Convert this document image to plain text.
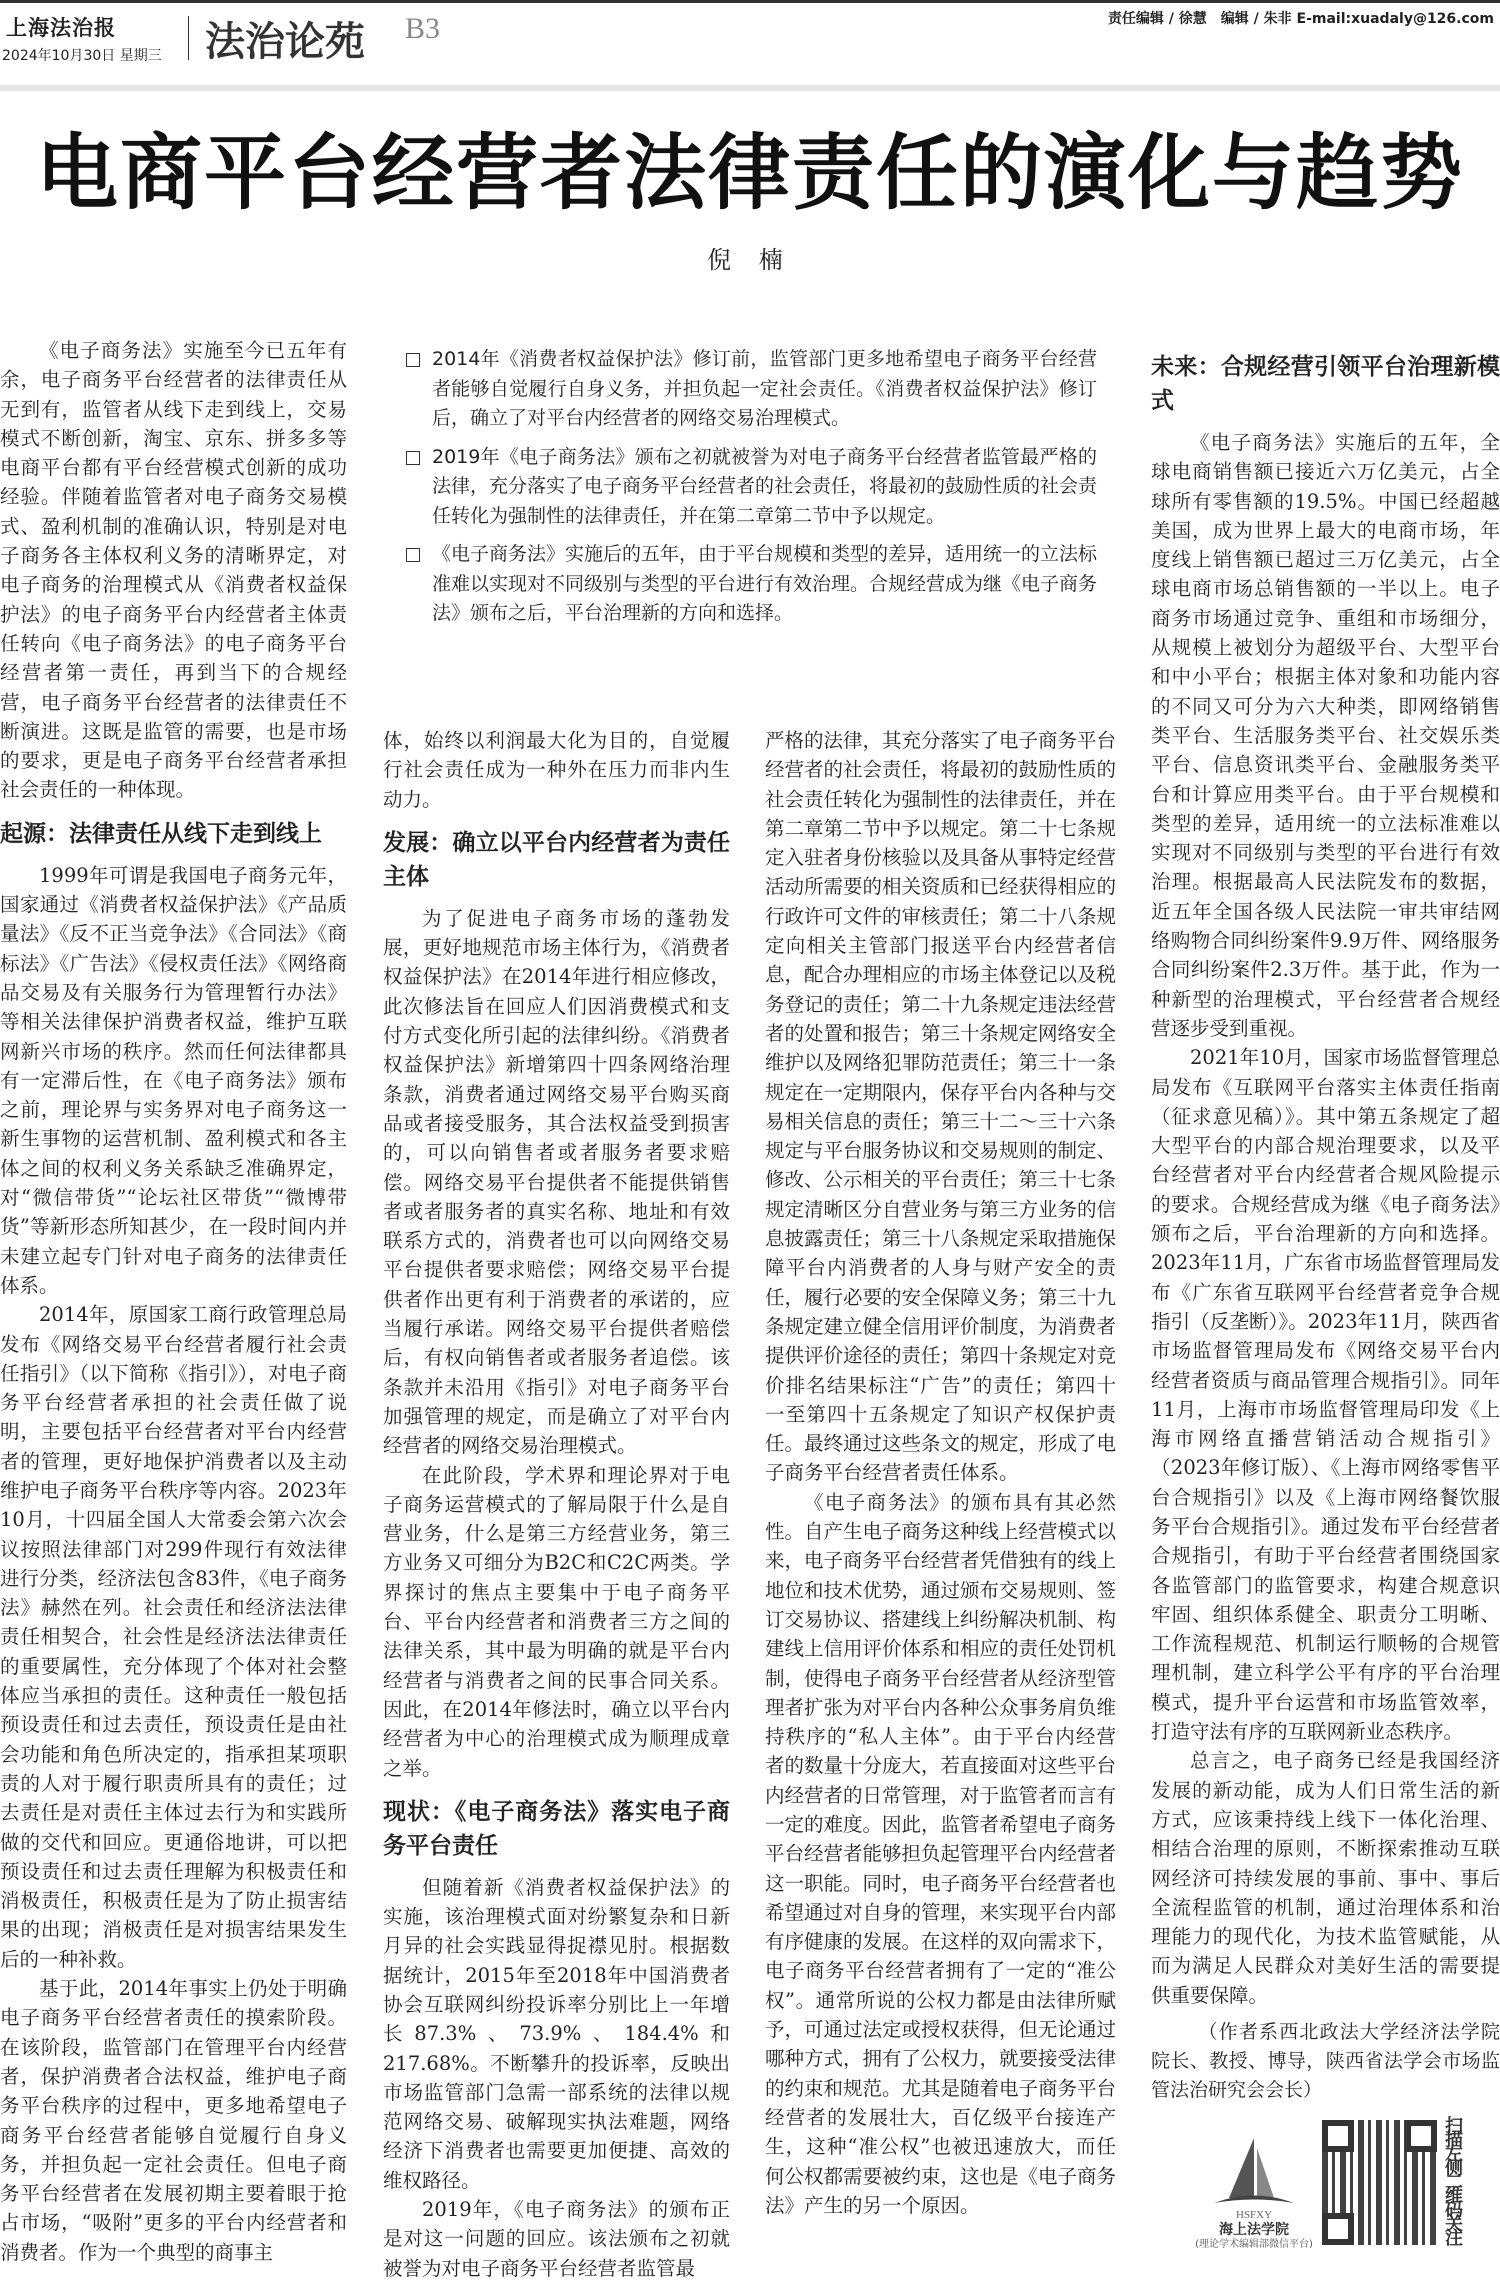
上海法治报
2024年10月30日 星期三 法治论苑 B3	责任编辑 / 徐慧　编辑 / 朱非 E-mail:xuadaly@126.com
电商平台经营者法律责任的演化与趋势
倪 楠

《电子商务法》实施至今已五年有余，电子商务平台经营者的法律责任从无到有，监管者从线下走到线上，交易模式不断创新，淘宝、京东、拼多多等电商平台都有平台经营模式创新的成功经验。伴随着监管者对电子商务交易模式、盈利机制的准确认识，特别是对电子商务各主体权利义务的清晰界定，对电子商务的治理模式从《消费者权益保护法》的电子商务平台内经营者主体责任转向《电子商务法》的电子商务平台经营者第一责任，再到当下的合规经营，电子商务平台经营者的法律责任不断演进。这既是监管的需要，也是市场的要求，更是电子商务平台经营者承担社会责任的一种体现。

起源：法律责任从线下走到线上

1999年可谓是我国电子商务元年，国家通过《消费者权益保护法》《产品质量法》《反不正当竞争法》《合同法》《商标法》《广告法》《侵权责任法》《网络商品交易及有关服务行为管理暂行办法》等相关法律保护消费者权益，维护互联网新兴市场的秩序。然而任何法律都具有一定滞后性，在《电子商务法》颁布之前，理论界与实务界对电子商务这一新生事物的运营机制、盈利模式和各主体之间的权利义务关系缺乏准确界定，对“微信带货”“论坛社区带货”“微博带货”等新形态所知甚少，在一段时间内并未建立起专门针对电子商务的法律责任体系。

2014年，原国家工商行政管理总局发布《网络交易平台经营者履行社会责任指引》（以下简称《指引》），对电子商务平台经营者承担的社会责任做了说明，主要包括平台经营者对平台内经营者的管理，更好地保护消费者以及主动维护电子商务平台秩序等内容。2023年10月，十四届全国人大常委会第六次会议按照法律部门对299件现行有效法律进行分类，经济法包含83件，《电子商务法》赫然在列。社会责任和经济法法律责任相契合，社会性是经济法法律责任的重要属性，充分体现了个体对社会整体应当承担的责任。这种责任一般包括预设责任和过去责任，预设责任是由社会功能和角色所决定的，指承担某项职责的人对于履行职责所具有的责任；过去责任是对责任主体过去行为和实践所做的交代和回应。更通俗地讲，可以把预设责任和过去责任理解为积极责任和消极责任，积极责任是为了防止损害结果的出现；消极责任是对损害结果发生后的一种补救。

基于此，2014年事实上仍处于明确电子商务平台经营者责任的摸索阶段。在该阶段，监管部门在管理平台内经营者，保护消费者合法权益，维护电子商务平台秩序的过程中，更多地希望电子商务平台经营者能够自觉履行自身义务，并担负起一定社会责任。但电子商务平台经营者在发展初期主要着眼于抢占市场，“吸附”更多的平台内经营者和消费者。作为一个典型的商事主

2014年《消费者权益保护法》修订前，监管部门更多地希望电子商务平台经营者能够自觉履行自身义务，并担负起一定社会责任。《消费者权益保护法》修订后，确立了对平台内经营者的网络交易治理模式。
2019年《电子商务法》颁布之初就被誉为对电子商务平台经营者监管最严格的法律，充分落实了电子商务平台经营者的社会责任，将最初的鼓励性质的社会责任转化为强制性的法律责任，并在第二章第二节中予以规定。
《电子商务法》实施后的五年，由于平台规模和类型的差异，适用统一的立法标准难以实现对不同级别与类型的平台进行有效治理。合规经营成为继《电子商务法》颁布之后，平台治理新的方向和选择。

体，始终以利润最大化为目的，自觉履行社会责任成为一种外在压力而非内生动力。

发展：确立以平台内经营者为责任主体

为了促进电子商务市场的蓬勃发展，更好地规范市场主体行为，《消费者权益保护法》在2014年进行相应修改，此次修法旨在回应人们因消费模式和支付方式变化所引起的法律纠纷。《消费者权益保护法》新增第四十四条网络治理条款，消费者通过网络交易平台购买商品或者接受服务，其合法权益受到损害的，可以向销售者或者服务者要求赔偿。网络交易平台提供者不能提供销售者或者服务者的真实名称、地址和有效联系方式的，消费者也可以向网络交易平台提供者要求赔偿；网络交易平台提供者作出更有利于消费者的承诺的，应当履行承诺。网络交易平台提供者赔偿后，有权向销售者或者服务者追偿。该条款并未沿用《指引》对电子商务平台加强管理的规定，而是确立了对平台内经营者的网络交易治理模式。

在此阶段，学术界和理论界对于电子商务运营模式的了解局限于什么是自营业务，什么是第三方经营业务，第三方业务又可细分为B2C和C2C两类。学界探讨的焦点主要集中于电子商务平台、平台内经营者和消费者三方之间的法律关系，其中最为明确的就是平台内经营者与消费者之间的民事合同关系。因此，在2014年修法时，确立以平台内经营者为中心的治理模式成为顺理成章之举。

现状：《电子商务法》落实电子商务平台责任

但随着新《消费者权益保护法》的实施，该治理模式面对纷繁复杂和日新月异的社会实践显得捉襟见肘。根据数据统计，2015年至2018年中国消费者协会互联网纠纷投诉率分别比上一年增长87.3%、73.9%、184.4%和217.68%。不断攀升的投诉率，反映出市场监管部门急需一部系统的法律以规范网络交易、破解现实执法难题，网络经济下消费者也需要更加便捷、高效的维权路径。

2019年，《电子商务法》的颁布正是对这一问题的回应。该法颁布之初就被誉为对电子商务平台经营者监管最

严格的法律，其充分落实了电子商务平台经营者的社会责任，将最初的鼓励性质的社会责任转化为强制性的法律责任，并在第二章第二节中予以规定。第二十七条规定入驻者身份核验以及具备从事特定经营活动所需要的相关资质和已经获得相应的行政许可文件的审核责任；第二十八条规定向相关主管部门报送平台内经营者信息，配合办理相应的市场主体登记以及税务登记的责任；第二十九条规定违法经营者的处置和报告；第三十条规定网络安全维护以及网络犯罪防范责任；第三十一条规定在一定期限内，保存平台内各种与交易相关信息的责任；第三十二～三十六条规定与平台服务协议和交易规则的制定、修改、公示相关的平台责任；第三十七条规定清晰区分自营业务与第三方业务的信息披露责任；第三十八条规定采取措施保障平台内消费者的人身与财产安全的责任，履行必要的安全保障义务；第三十九条规定建立健全信用评价制度，为消费者提供评价途径的责任；第四十条规定对竞价排名结果标注“广告”的责任；第四十一至第四十五条规定了知识产权保护责任。最终通过这些条文的规定，形成了电子商务平台经营者责任体系。

《电子商务法》的颁布具有其必然性。自产生电子商务这种线上经营模式以来，电子商务平台经营者凭借独有的线上地位和技术优势，通过颁布交易规则、签订交易协议、搭建线上纠纷解决机制、构建线上信用评价体系和相应的责任处罚机制，使得电子商务平台经营者从经济型管理者扩张为对平台内各种公众事务肩负维持秩序的“私人主体”。由于平台内经营者的数量十分庞大，若直接面对这些平台内经营者的日常管理，对于监管者而言有一定的难度。因此，监管者希望电子商务平台经营者能够担负起管理平台内经营者这一职能。同时，电子商务平台经营者也希望通过对自身的管理，来实现平台内部有序健康的发展。在这样的双向需求下，电子商务平台经营者拥有了一定的“准公权”。通常所说的公权力都是由法律所赋予，可通过法定或授权获得，但无论通过哪种方式，拥有了公权力，就要接受法律的约束和规范。尤其是随着电子商务平台经营者的发展壮大，百亿级平台接连产生，这种“准公权”也被迅速放大，而任何公权都需要被约束，这也是《电子商务法》产生的另一个原因。

未来：合规经营引领平台治理新模式

《电子商务法》实施后的五年，全球电商销售额已接近六万亿美元，占全球所有零售额的19.5%。中国已经超越美国，成为世界上最大的电商市场，年度线上销售额已超过三万亿美元，占全球电商市场总销售额的一半以上。电子商务市场通过竞争、重组和市场细分，从规模上被划分为超级平台、大型平台和中小平台；根据主体对象和功能内容的不同又可分为六大种类，即网络销售类平台、生活服务类平台、社交娱乐类平台、信息资讯类平台、金融服务类平台和计算应用类平台。由于平台规模和类型的差异，适用统一的立法标准难以实现对不同级别与类型的平台进行有效治理。根据最高人民法院发布的数据，近五年全国各级人民法院一审共审结网络购物合同纠纷案件9.9万件、网络服务合同纠纷案件2.3万件。基于此，作为一种新型的治理模式，平台经营者合规经营逐步受到重视。

2021年10月，国家市场监督管理总局发布《互联网平台落实主体责任指南（征求意见稿）》。其中第五条规定了超大型平台的内部合规治理要求，以及平台经营者对平台内经营者合规风险提示的要求。合规经营成为继《电子商务法》颁布之后，平台治理新的方向和选择。2023年11月，广东省市场监督管理局发布《广东省互联网平台经营者竞争合规指引（反垄断）》。2023年11月，陕西省市场监督管理局发布《网络交易平台内经营者资质与商品管理合规指引》。同年11月，上海市市场监督管理局印发《上海市网络直播营销活动合规指引》（2023年修订版）、《上海市网络零售平台合规指引》以及《上海市网络餐饮服务平台合规指引》。通过发布平台经营者合规指引，有助于平台经营者围绕国家各监管部门的监管要求，构建合规意识牢固、组织体系健全、职责分工明晰、工作流程规范、机制运行顺畅的合规管理机制，建立科学公平有序的平台治理模式，提升平台运营和市场监管效率，打造守法有序的互联网新业态秩序。

总言之，电子商务已经是我国经济发展的新动能，成为人们日常生活的新方式，应该秉持线上线下一体化治理、相结合治理的原则，不断探索推动互联网经济可持续发展的事前、事中、事后全流程监管的机制，通过治理体系和治理能力的现代化，为技术监管赋能，从而为满足人民群众对美好生活的需要提供重要保障。

（作者系西北政法大学经济法学院院长、教授、博导，陕西省法学会市场监管法治研究会会长）
HSFXY
海上法学院
(理论学术编辑部微信平台)
扫描左侧二维码关注
